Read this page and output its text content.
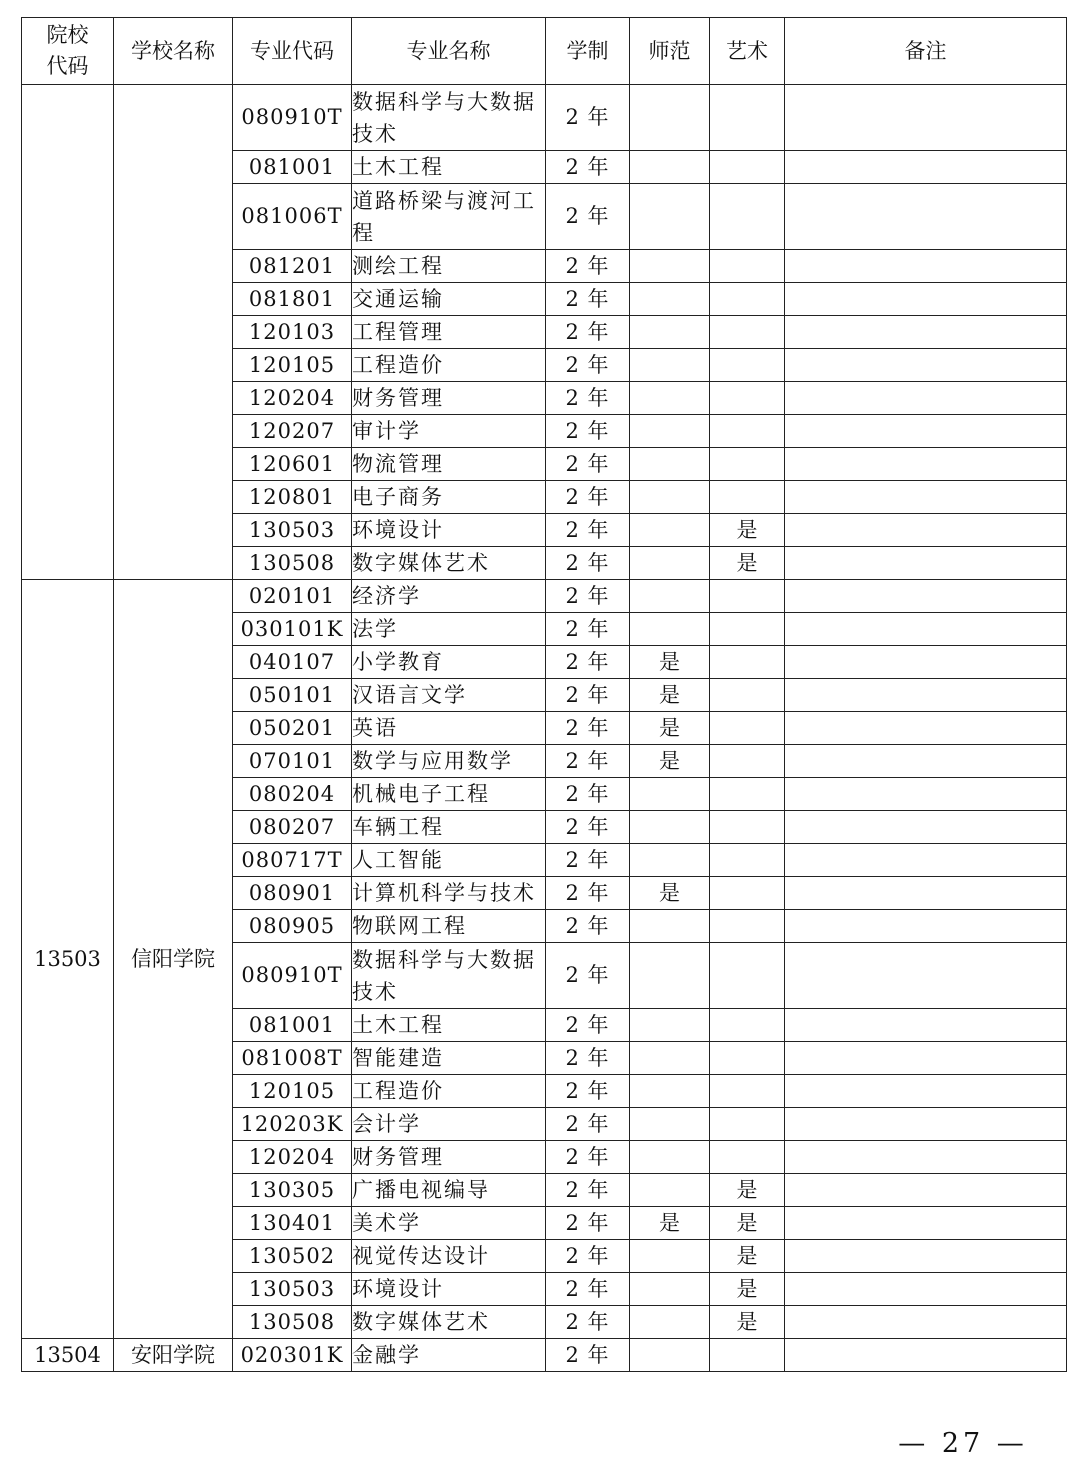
院校代码	学校名称	专业代码	专业名称	学制	师范	艺术	备注
		080910T	数据科学与大数据技术	2 年			
		081001	土木工程	2 年			
		081006T	道路桥梁与渡河工程	2 年			
		081201	测绘工程	2 年			
		081801	交通运输	2 年			
		120103	工程管理	2 年			
		120105	工程造价	2 年			
		120204	财务管理	2 年			
		120207	审计学	2 年			
		120601	物流管理	2 年			
		120801	电子商务	2 年			
		130503	环境设计	2 年		是	
		130508	数字媒体艺术	2 年		是	
13503	信阳学院	020101	经济学	2 年			
		030101K	法学	2 年			
		040107	小学教育	2 年	是		
		050101	汉语言文学	2 年	是		
		050201	英语	2 年	是		
		070101	数学与应用数学	2 年	是		
		080204	机械电子工程	2 年			
		080207	车辆工程	2 年			
		080717T	人工智能	2 年			
		080901	计算机科学与技术	2 年	是		
		080905	物联网工程	2 年			
		080910T	数据科学与大数据技术	2 年			
		081001	土木工程	2 年			
		081008T	智能建造	2 年			
		120105	工程造价	2 年			
		120203K	会计学	2 年			
		120204	财务管理	2 年			
		130305	广播电视编导	2 年		是	
		130401	美术学	2 年	是	是	
		130502	视觉传达设计	2 年		是	
		130503	环境设计	2 年		是	
		130508	数字媒体艺术	2 年		是	
13504	安阳学院	020301K	金融学	2 年			
— 27 —
